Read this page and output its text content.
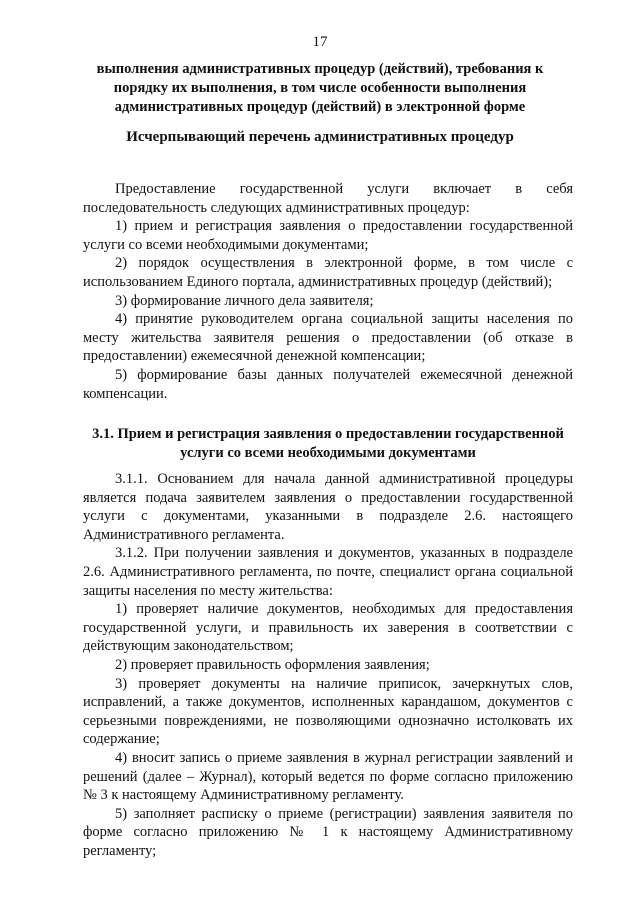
17
выполнения административных процедур (действий), требования к порядку их выполнения, в том числе особенности выполнения административных процедур (действий) в электронной форме
Исчерпывающий перечень административных процедур

Предоставление государственной услуги включает в себя последовательность следующих административных процедур:

1) прием и регистрация заявления о предоставлении государственной услуги со всеми необходимыми документами;

2) порядок осуществления в электронной форме, в том числе с использованием Единого портала, административных процедур (действий);

3) формирование личного дела заявителя;

4) принятие руководителем органа социальной защиты населения по месту жительства заявителя решения о предоставлении (об отказе в предоставлении) ежемесячной денежной компенсации;

5) формирование базы данных получателей ежемесячной денежной компенсации.

3.1. Прием и регистрация заявления о предоставлении государственной услуги со всеми необходимыми документами

3.1.1. Основанием для начала данной административной процедуры является подача заявителем заявления о предоставлении государственной услуги с документами, указанными в подразделе 2.6. настоящего Административного регламента.

3.1.2. При получении заявления и документов, указанных в подразделе 2.6. Административного регламента, по почте, специалист органа социальной защиты населения по месту жительства:

1) проверяет наличие документов, необходимых для предоставления государственной услуги, и правильность их заверения в соответствии с действующим законодательством;

2) проверяет правильность оформления заявления;

3) проверяет документы на наличие приписок, зачеркнутых слов, исправлений, а также документов, исполненных карандашом, документов с серьезными повреждениями, не позволяющими однозначно истолковать их содержание;

4) вносит запись о приеме заявления в журнал регистрации заявлений и решений (далее – Журнал), который ведется по форме согласно приложению № 3 к настоящему Административному регламенту.

5) заполняет расписку о приеме (регистрации) заявления заявителя по форме согласно приложению № 1 к настоящему Административному регламенту;
